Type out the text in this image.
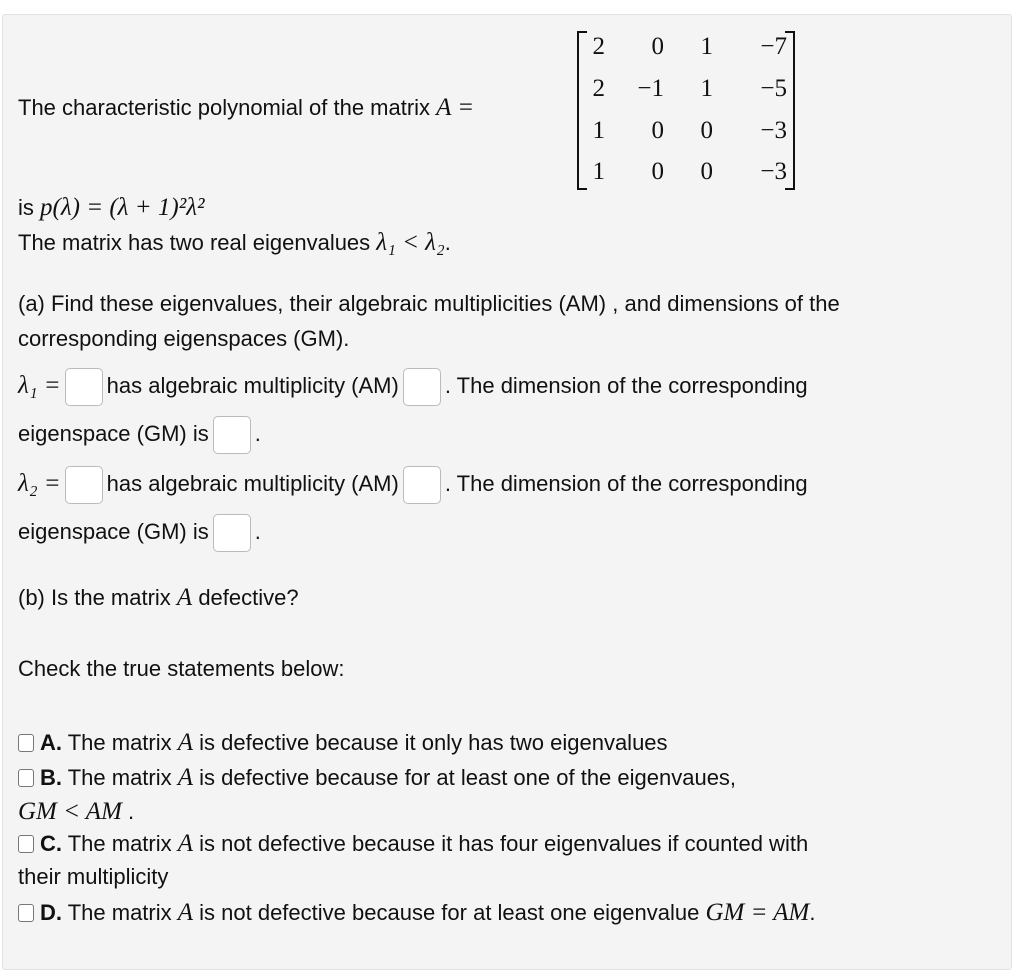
The characteristic polynomial of the matrix A =
2	0	1	−7
2	−1	1	−5
1	0	0	−3
1	0	0	−3
is p(λ) = (λ + 1)²λ²
The matrix has two real eigenvalues λ₁ < λ₂.
(a) Find these eigenvalues, their algebraic multiplicities (AM) , and dimensions of the
corresponding eigenspaces (GM).
λ₁ = has algebraic multiplicity (AM) . The dimension of the corresponding
eigenspace (GM) is .
λ₂ = has algebraic multiplicity (AM) . The dimension of the corresponding
eigenspace (GM) is .
(b) Is the matrix A defective?
Check the true statements below:
A. The matrix A is defective because it only has two eigenvalues
B. The matrix A is defective because for at least one of the eigenvaues,
GM < AM .
C. The matrix A is not defective because it has four eigenvalues if counted with
their multiplicity
D. The matrix A is not defective because for at least one eigenvalue GM = AM.
